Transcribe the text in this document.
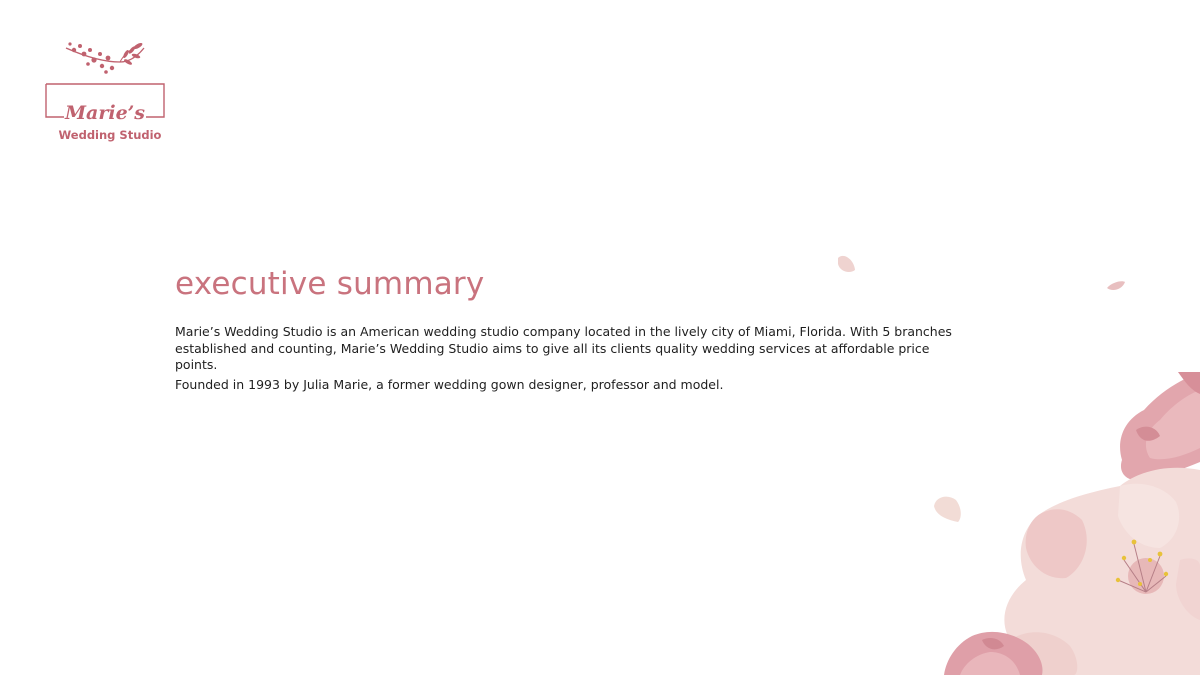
Marie’s
Wedding Studio
executive summary

Marie’s Wedding Studio is an American wedding studio company located in the lively city of Miami, Florida. With 5 branches established and counting, Marie’s Wedding Studio aims to give all its clients quality wedding services at affordable price points.

Founded in 1993 by Julia Marie, a former wedding gown designer, professor and model.
